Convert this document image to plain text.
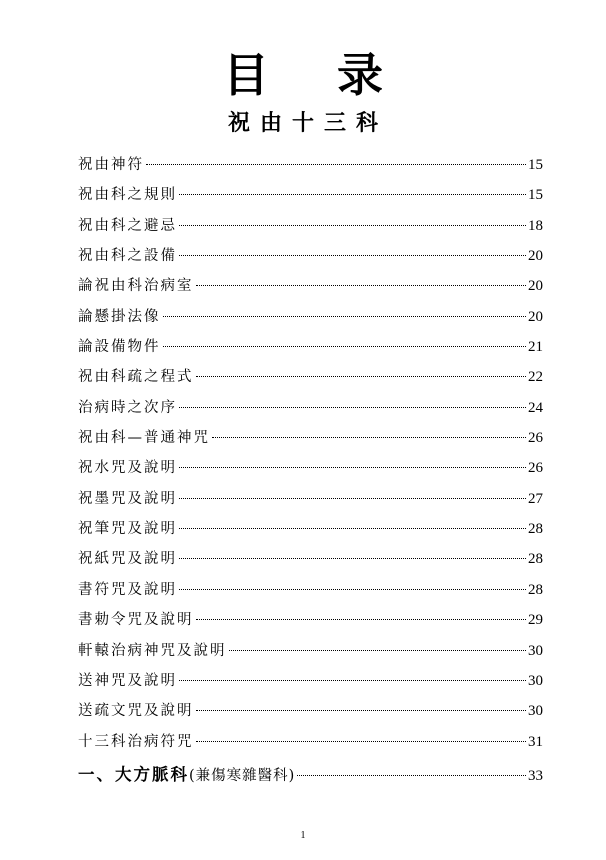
目 录
祝由十三科
祝由神符	15
祝由科之規則	15
祝由科之避忌	18
祝由科之設備	20
論祝由科治病室	20
論懸掛法像	20
論設備物件	21
祝由科疏之程式	22
治病時之次序	24
祝由科—普通神咒	26
祝水咒及說明	26
祝墨咒及說明	27
祝筆咒及說明	28
祝紙咒及說明	28
書符咒及說明	28
書勅令咒及說明	29
軒轅治病神咒及說明	30
送神咒及說明	30
送疏文咒及說明	30
十三科治病符咒	31
一、大方脈科(兼傷寒雜醫科)	33
1
